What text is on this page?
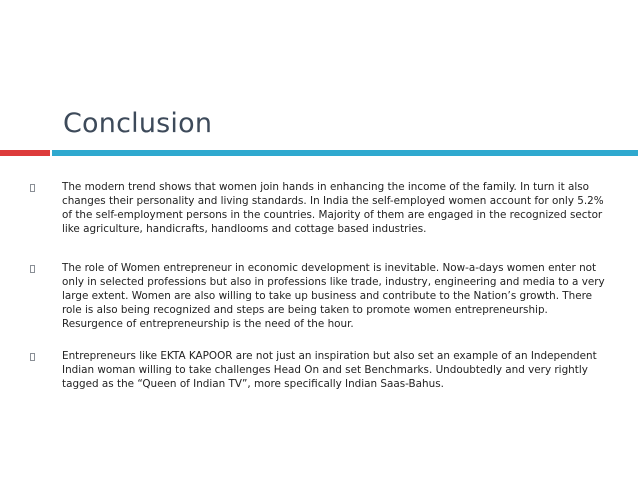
Conclusion
The modern trend shows that women join hands in enhancing the income of the family. In turn it also changes their personality and living standards. In India the self-employed women account for only 5.2% of the self-employment persons in the countries. Majority of them are engaged in the recognized sector like agriculture, handicrafts, handlooms and cottage based industries.
The role of Women entrepreneur in economic development is inevitable. Now-a-days women enter not only in selected professions but also in professions like trade, industry, engineering and media to a very large extent. Women are also willing to take up business and contribute to the Nation’s growth. There role is also being recognized and steps are being taken to promote women entrepreneurship. Resurgence of entrepreneurship is the need of the hour.
Entrepreneurs like EKTA KAPOOR are not just an inspiration but also set an example of an Independent Indian woman willing to take challenges Head On and set Benchmarks. Undoubtedly and very rightly tagged as the “Queen of Indian TV”, more specifically Indian Saas-Bahus.
